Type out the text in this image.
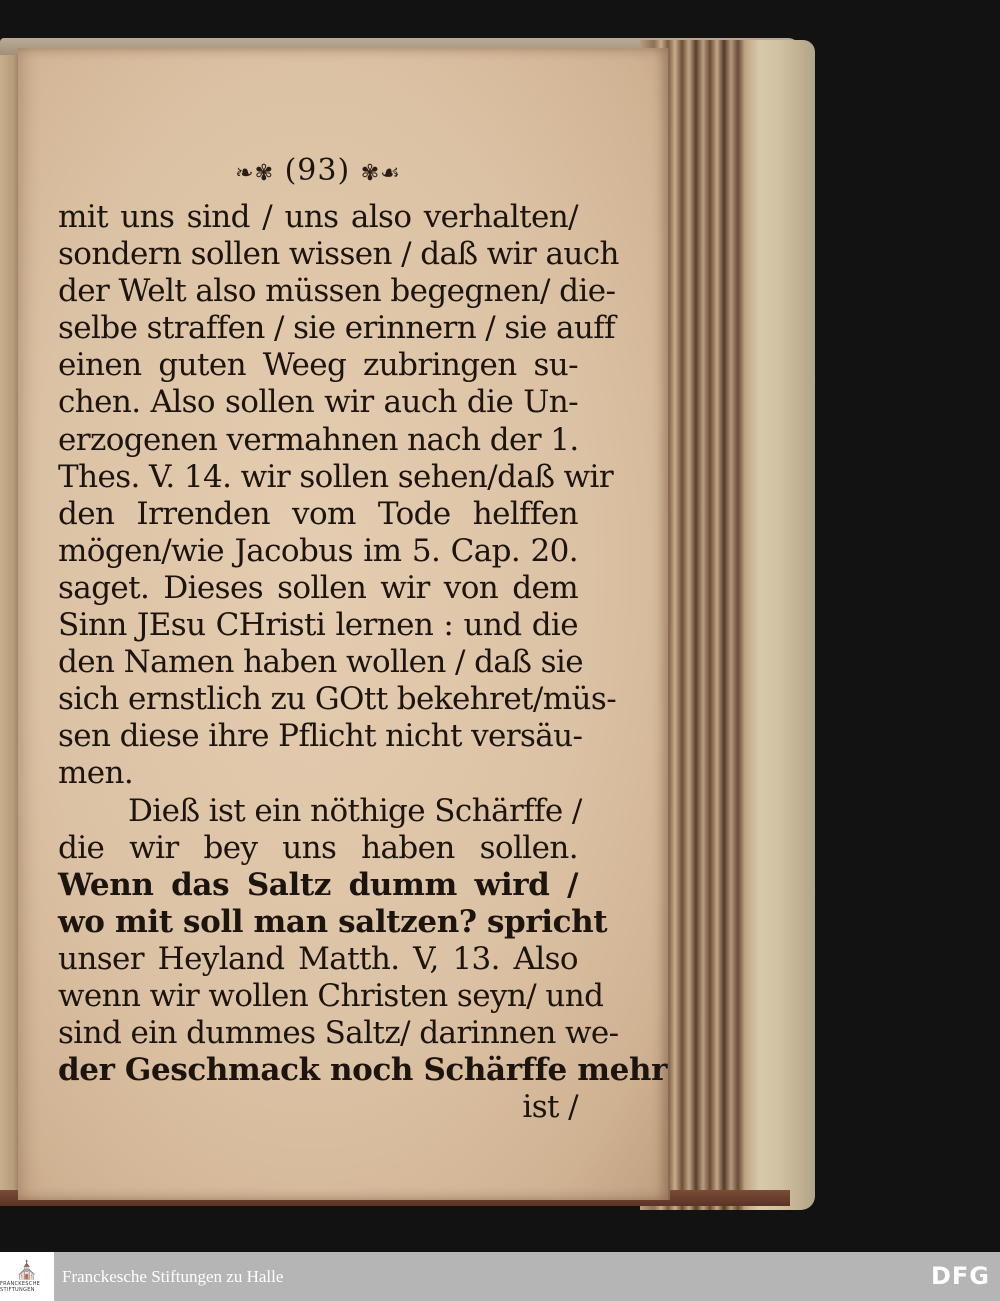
❧✾ (93) ✾☙
mit uns sind / uns also verhalten/
sondern sollen wissen / daß wir auch
der Welt also müssen begegnen/ die-
selbe straffen / sie erinnern / sie auff
einen guten Weeg zubringen su-
chen. Also sollen wir auch die Un-
erzogenen vermahnen nach der 1.
Thes. V. 14. wir sollen sehen/daß wir
den Irrenden vom Tode helffen
mögen/wie Jacobus im 5. Cap. 20.
saget. Dieses sollen wir von dem
Sinn JEsu CHristi lernen : und die
den Namen haben wollen / daß sie
sich ernstlich zu GOtt bekehret/müs-
sen diese ihre Pflicht nicht versäu-
men.
Dieß ist ein nöthige Schärffe /
die wir bey uns haben sollen.
Wenn das Saltz dumm wird /
wo mit soll man saltzen? spricht
unser Heyland Matth. V, 13. Also
wenn wir wollen Christen seyn/ und
sind ein dummes Saltz/ darinnen we-
der Geschmack noch Schärffe mehr
ist /
⛪
FRANCKESCHE STIFTUNGEN
Franckesche Stiftungen zu Halle	DFG
